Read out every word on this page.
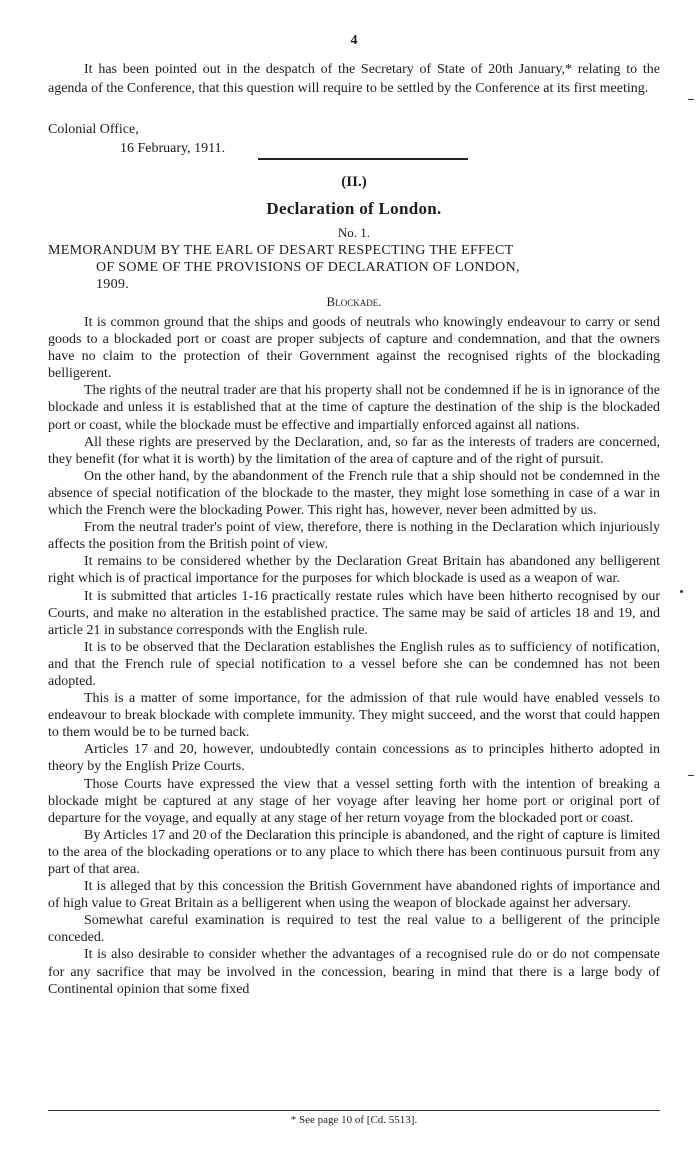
4

It has been pointed out in the despatch of the Secretary of State of 20th January,* relating to the agenda of the Conference, that this question will require to be settled by the Conference at its first meeting.

Colonial Office,
16 February, 1911.
(II.)
Declaration of London.
No. 1.
MEMORANDUM BY THE EARL OF DESART RESPECTING THE EFFECT
OF SOME OF THE PROVISIONS OF DECLARATION OF LONDON,
1909.
Blockade.

It is common ground that the ships and goods of neutrals who knowingly endeavour to carry or send goods to a blockaded port or coast are proper subjects of capture and condemnation, and that the owners have no claim to the protection of their Government against the recognised rights of the blockading belligerent.

The rights of the neutral trader are that his property shall not be condemned if he is in ignorance of the blockade and unless it is established that at the time of capture the destination of the ship is the blockaded port or coast, while the blockade must be effective and impartially enforced against all nations.

All these rights are preserved by the Declaration, and, so far as the interests of traders are concerned, they benefit (for what it is worth) by the limitation of the area of capture and of the right of pursuit.

On the other hand, by the abandonment of the French rule that a ship should not be condemned in the absence of special notification of the blockade to the master, they might lose something in case of a war in which the French were the blockading Power. This right has, however, never been admitted by us.

From the neutral trader's point of view, therefore, there is nothing in the Declaration which injuriously affects the position from the British point of view.

It remains to be considered whether by the Declaration Great Britain has abandoned any belligerent right which is of practical importance for the purposes for which blockade is used as a weapon of war.

It is submitted that articles 1-16 practically restate rules which have been hitherto recognised by our Courts, and make no alteration in the established practice. The same may be said of articles 18 and 19, and article 21 in substance corresponds with the English rule.

It is to be observed that the Declaration establishes the English rules as to sufficiency of notification, and that the French rule of special notification to a vessel before she can be condemned has not been adopted.

This is a matter of some importance, for the admission of that rule would have enabled vessels to endeavour to break blockade with complete immunity. They might succeed, and the worst that could happen to them would be to be turned back.

Articles 17 and 20, however, undoubtedly contain concessions as to principles hitherto adopted in theory by the English Prize Courts.

Those Courts have expressed the view that a vessel setting forth with the intention of breaking a blockade might be captured at any stage of her voyage after leaving her home port or original port of departure for the voyage, and equally at any stage of her return voyage from the blockaded port or coast.

By Articles 17 and 20 of the Declaration this principle is abandoned, and the right of capture is limited to the area of the blockading operations or to any place to which there has been continuous pursuit from any part of that area.

It is alleged that by this concession the British Government have abandoned rights of importance and of high value to Great Britain as a belligerent when using the weapon of blockade against her adversary.

Somewhat careful examination is required to test the real value to a belligerent of the principle conceded.

It is also desirable to consider whether the advantages of a recognised rule do or do not compensate for any sacrifice that may be involved in the concession, bearing in mind that there is a large body of Continental opinion that some fixed

* See page 10 of [Cd. 5513].
